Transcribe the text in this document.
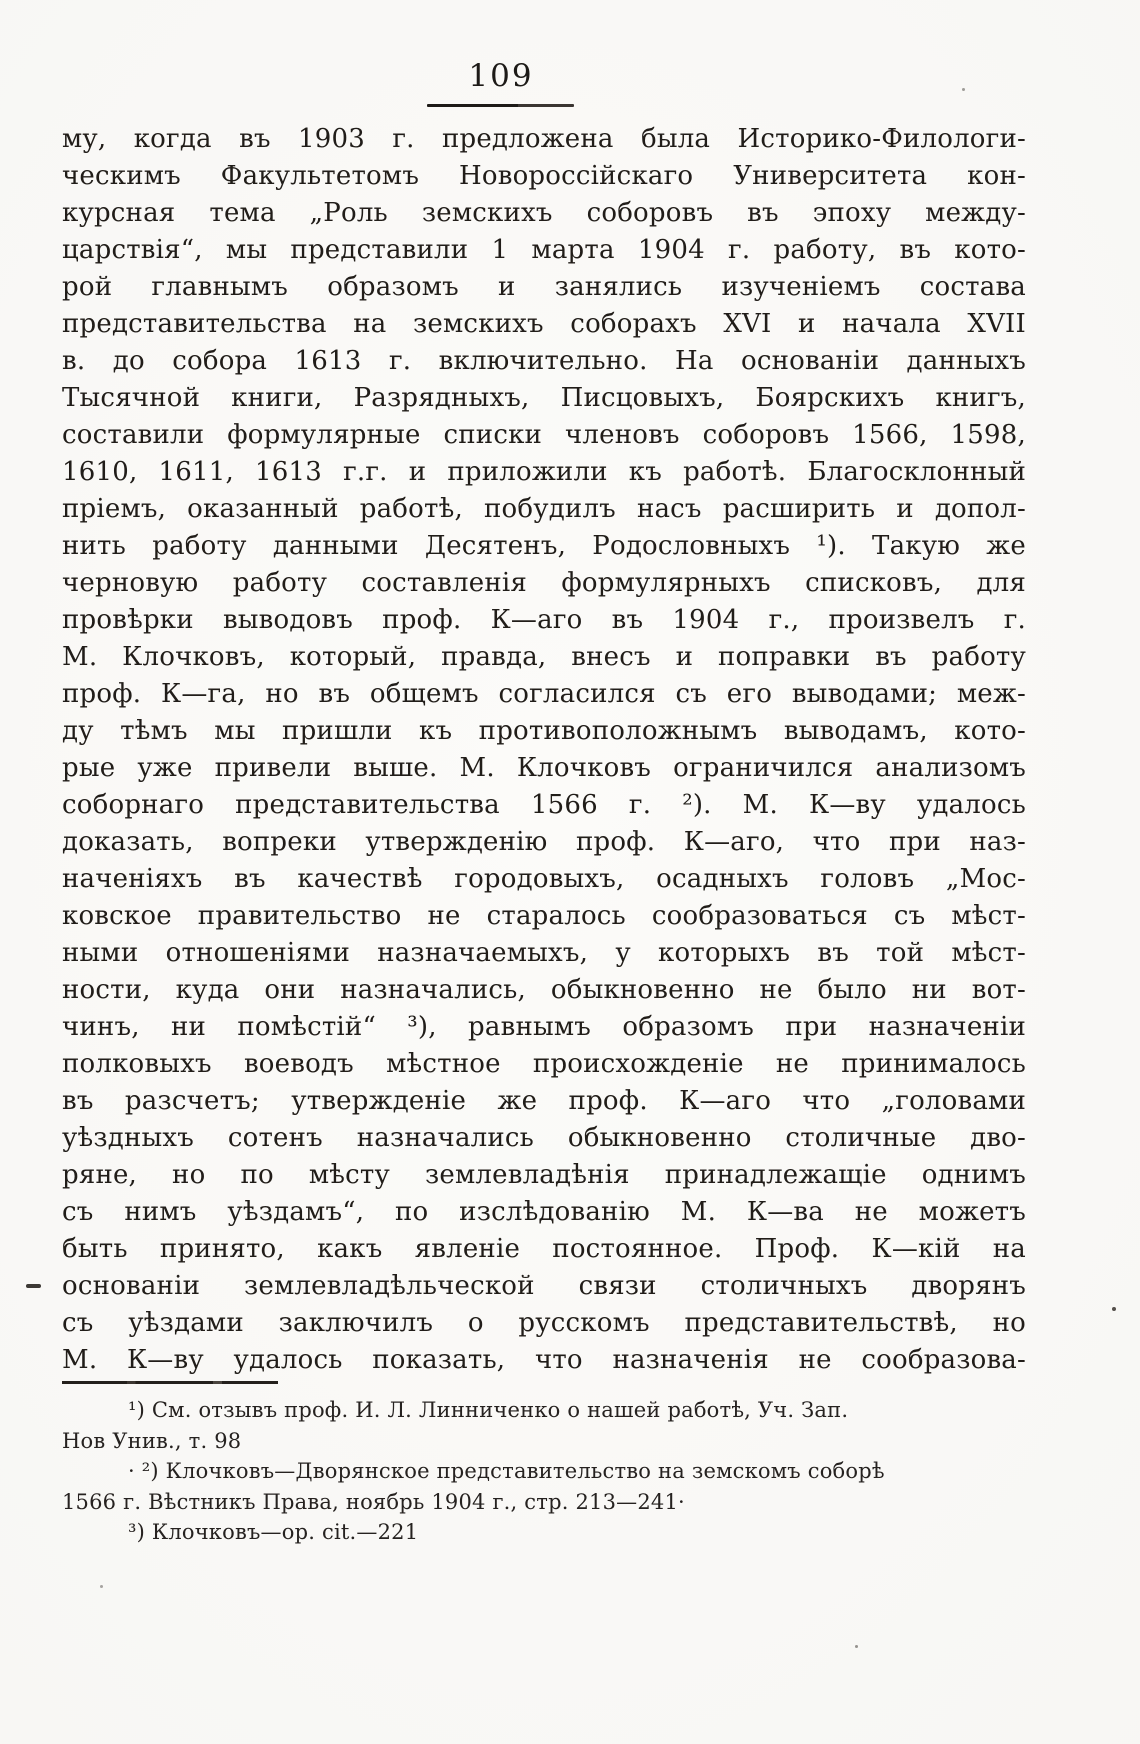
109
му, когда въ 1903 г. предложена была Историко-Филологи-
ческимъ Факультетомъ Новороссійскаго Университета кон-
курсная тема „Роль земскихъ соборовъ въ эпоху между-
царствія“, мы представили 1 марта 1904 г. работу, въ кото-
рой главнымъ образомъ и занялись изученіемъ состава
представительства на земскихъ соборахъ XVI и начала XVII
в. до собора 1613 г. включительно. На основаніи данныхъ
Тысячной книги, Разрядныхъ, Писцовыхъ, Боярскихъ книгъ,
составили формулярные списки членовъ соборовъ 1566, 1598,
1610, 1611, 1613 г.г. и приложили къ работѣ. Благосклонный
пріемъ, оказанный работѣ, побудилъ насъ расширить и допол-
нить работу данными Десятенъ, Родословныхъ ¹). Такую же
черновую работу составленія формулярныхъ списковъ, для
провѣрки выводовъ проф. К—аго въ 1904 г., произвелъ г.
М. Клочковъ, который, правда, внесъ и поправки въ работу
проф. К—га, но въ общемъ согласился съ его выводами; меж-
ду тѣмъ мы пришли къ противоположнымъ выводамъ, кото-
рые уже привели выше. М. Клочковъ ограничился анализомъ
соборнаго представительства 1566 г. ²). М. К—ву удалось
доказать, вопреки утвержденію проф. К—аго, что при наз-
наченіяхъ въ качествѣ городовыхъ, осадныхъ головъ „Мос-
ковское правительство не старалось сообразоваться съ мѣст-
ными отношеніями назначаемыхъ, у которыхъ въ той мѣст-
ности, куда они назначались, обыкновенно не было ни вот-
чинъ, ни помѣстій“ ³), равнымъ образомъ при назначеніи
полковыхъ воеводъ мѣстное происхожденіе не принималось
въ разсчетъ; утвержденіе же проф. К—аго что „головами
уѣздныхъ сотенъ назначались обыкновенно столичные дво-
ряне, но по мѣсту землевладѣнія принадлежащіе однимъ
съ нимъ уѣздамъ“, по изслѣдованію М. К—ва не можетъ
быть принято, какъ явленіе постоянное. Проф. К—кій на
основаніи землевладѣльческой связи столичныхъ дворянъ
съ уѣздами заключилъ о русскомъ представительствѣ, но
М. К—ву удалось показать, что назначенія не сообразова-
¹) См. отзывъ проф. И. Л. Линниченко о нашей работѣ, Уч. Зап.
Нов Унив., т. 98
· ²) Клочковъ—Дворянское представительство на земскомъ соборѣ
1566 г. Вѣстникъ Права, ноябрь 1904 г., стр. 213—241·
³) Клочковъ—op. cit.—221
